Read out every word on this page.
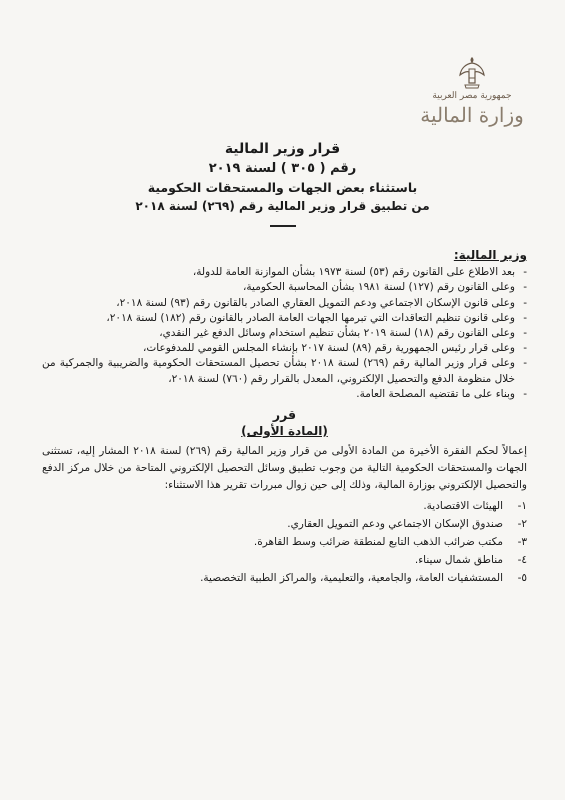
جمهورية مصر العربية
وزارة المالية

قرار وزير المالية

رقم ( ٣٠٥ ) لسنة ٢٠١٩

باستثناء بعض الجهات والمستحقات الحكومية

من تطبيق قرار وزير المالية رقم (٢٦٩) لسنة ٢٠١٨

وزير المالية:
- بعد الاطلاع على القانون رقم (٥٣) لسنة ١٩٧٣ بشأن الموازنة العامة للدولة،
- وعلى القانون رقم (١٢٧) لسنة ١٩٨١ بشأن المحاسبة الحكومية،
- وعلى قانون الإسكان الاجتماعي ودعم التمويل العقاري الصادر بالقانون رقم (٩٣) لسنة ٢٠١٨،
- وعلى قانون تنظيم التعاقدات التي تبرمها الجهات العامة الصادر بالقانون رقم (١٨٢) لسنة ٢٠١٨،
- وعلى القانون رقم (١٨) لسنة ٢٠١٩ بشأن تنظيم استخدام وسائل الدفع غير النقدي،
- وعلى قرار رئيس الجمهورية رقم (٨٩) لسنة ٢٠١٧ بإنشاء المجلس القومي للمدفوعات،
- وعلى قرار وزير المالية رقم (٢٦٩) لسنة ٢٠١٨ بشأن تحصيل المستحقات الحكومية والضريبية والجمركية من خلال منظومة الدفع والتحصيل الإلكتروني، المعدل بالقرار رقم (٧٦٠) لسنة ٢٠١٨،
- وبناء على ما تقتضيه المصلحة العامة.
قرر
(المادة الأولى)
إعمالاً لحكم الفقرة الأخيرة من المادة الأولى من قرار وزير المالية رقم (٢٦٩) لسنة ٢٠١٨ المشار إليه، تستثنى الجهات والمستحقات الحكومية التالية من وجوب تطبيق وسائل التحصيل الإلكتروني المتاحة من خلال مركز الدفع والتحصيل الإلكتروني بوزارة المالية، وذلك إلى حين زوال مبررات تقرير هذا الاستثناء:
١-
الهيئات الاقتصادية.
٢-
صندوق الإسكان الاجتماعي ودعم التمويل العقاري.
٣-
مكتب ضرائب الذهب التابع لمنطقة ضرائب وسط القاهرة.
٤-
مناطق شمال سيناء.
٥-
المستشفيات العامة، والجامعية، والتعليمية، والمراكز الطبية التخصصية.
